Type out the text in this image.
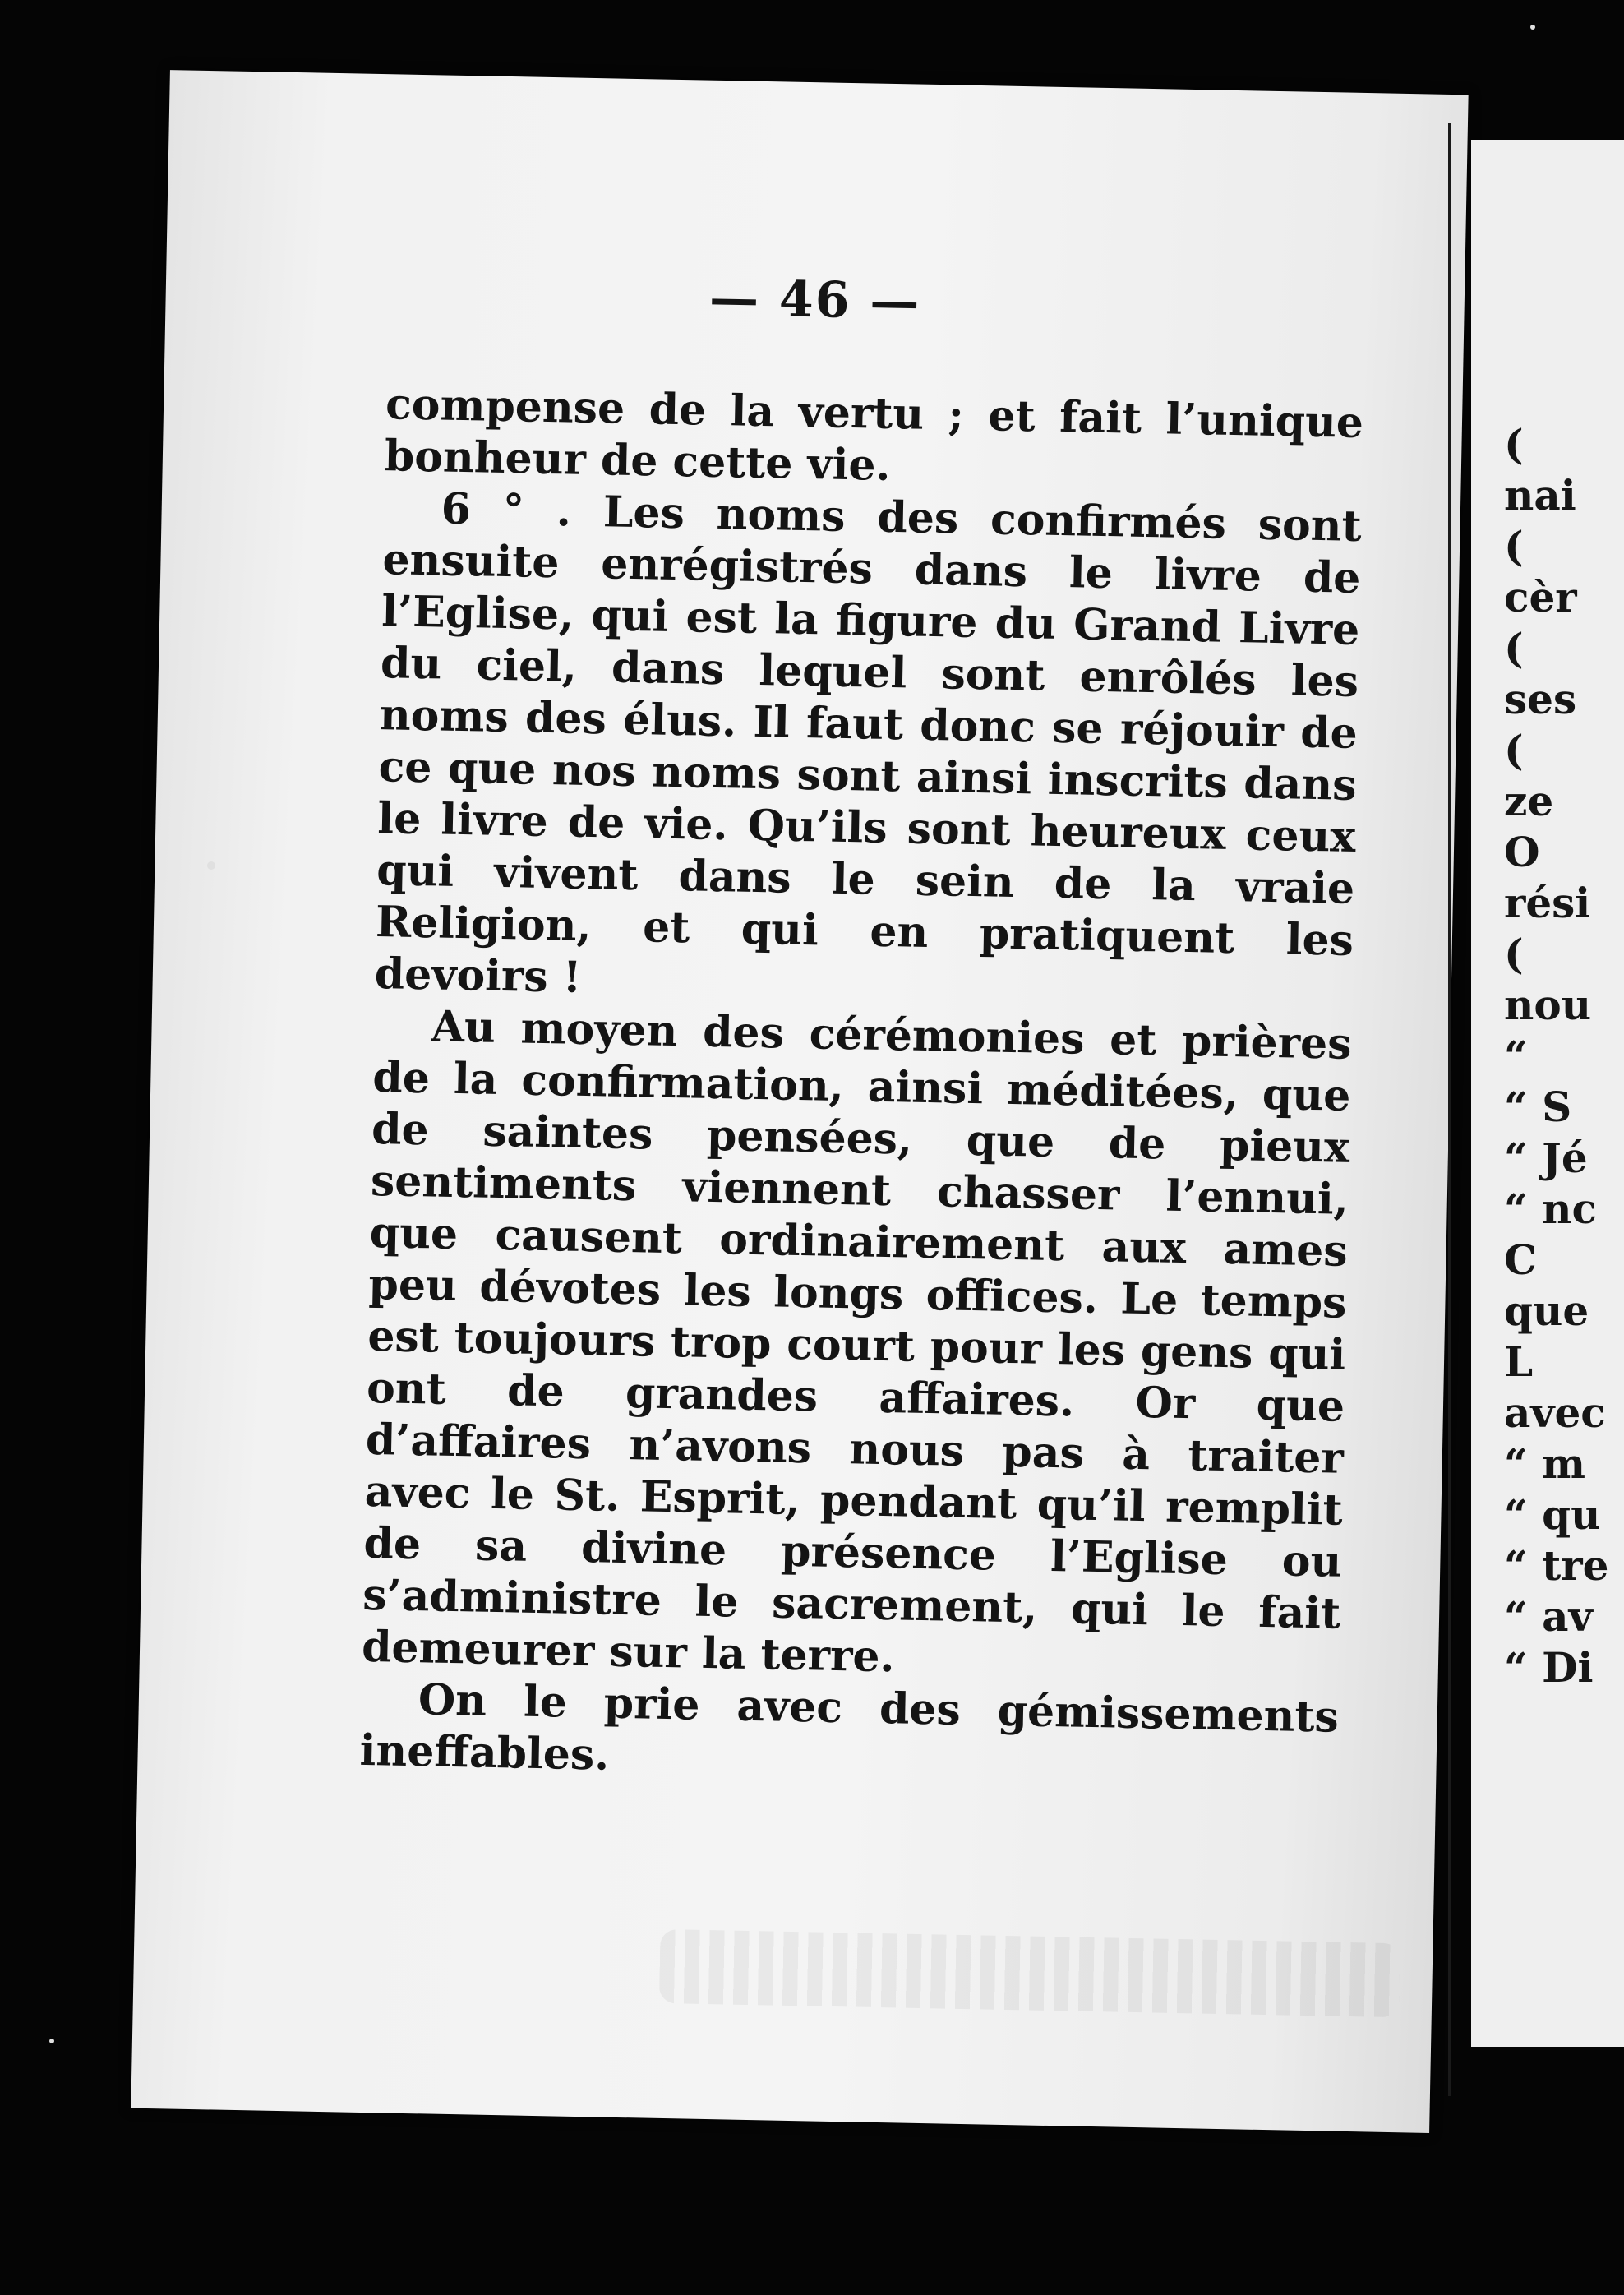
— 46 —

compense de la vertu ; et fait l’unique bonheur de cette vie.

6 ° . Les noms des confirmés sont ensuite enrégistrés dans le livre de l’Eglise, qui est la figure du Grand Livre du ciel, dans lequel sont enrôlés les noms des élus. Il faut donc se réjouir de ce que nos noms sont ainsi inscrits dans le livre de vie. Qu’ils sont heureux ceux qui vivent dans le sein de la vraie Religion, et qui en pratiquent les devoirs !

Au moyen des cérémonies et prières de la confirmation, ainsi méditées, que de saintes pensées, que de pieux sentiments viennent chasser l’ennui, que causent ordinairement aux ames peu dévotes les longs offices. Le temps est toujours trop court pour les gens qui ont de grandes affaires. Or que d’affaires n’avons nous pas à traiter avec le St. Esprit, pendant qu’il remplit de sa divine présence l’Eglise ou s’administre le sacrement, qui le fait demeurer sur la terre.

On le prie avec des gémissements ineffables.

(
nai
(
cèr
(
ses
(
ze
O
rési
(
nou
“
“ S
“ Jé
“ nc
C
que
L
avec
“ m
“ qu
“ tre
“ av
“ Di
